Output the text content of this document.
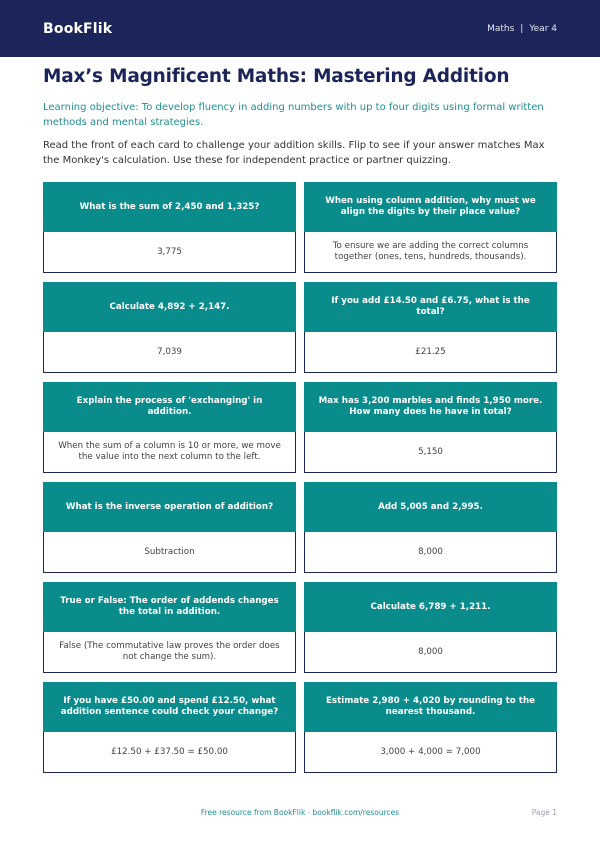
BookFlik	Maths | Year 4
Max’s Magnificent Maths: Mastering Addition

Learning objective: To develop fluency in adding numbers with up to four digits using formal written methods and mental strategies.

Read the front of each card to challenge your addition skills. Flip to see if your answer matches Max the Monkey's calculation. Use these for independent practice or partner quizzing.

What is the sum of 2,450 and 1,325?
3,775
When using column addition, why must we align the digits by their place value?
To ensure we are adding the correct columns together (ones, tens, hundreds, thousands).
Calculate 4,892 + 2,147.
7,039
If you add £14.50 and £6.75, what is the total?
£21.25
Explain the process of 'exchanging' in addition.
When the sum of a column is 10 or more, we move the value into the next column to the left.
Max has 3,200 marbles and finds 1,950 more. How many does he have in total?
5,150
What is the inverse operation of addition?
Subtraction
Add 5,005 and 2,995.
8,000
True or False: The order of addends changes the total in addition.
False (The commutative law proves the order does not change the sum).
Calculate 6,789 + 1,211.
8,000
If you have £50.00 and spend £12.50, what addition sentence could check your change?
£12.50 + £37.50 = £50.00
Estimate 2,980 + 4,020 by rounding to the nearest thousand.
3,000 + 4,000 = 7,000
Free resource from BookFlik · bookflik.com/resources	Page 1
